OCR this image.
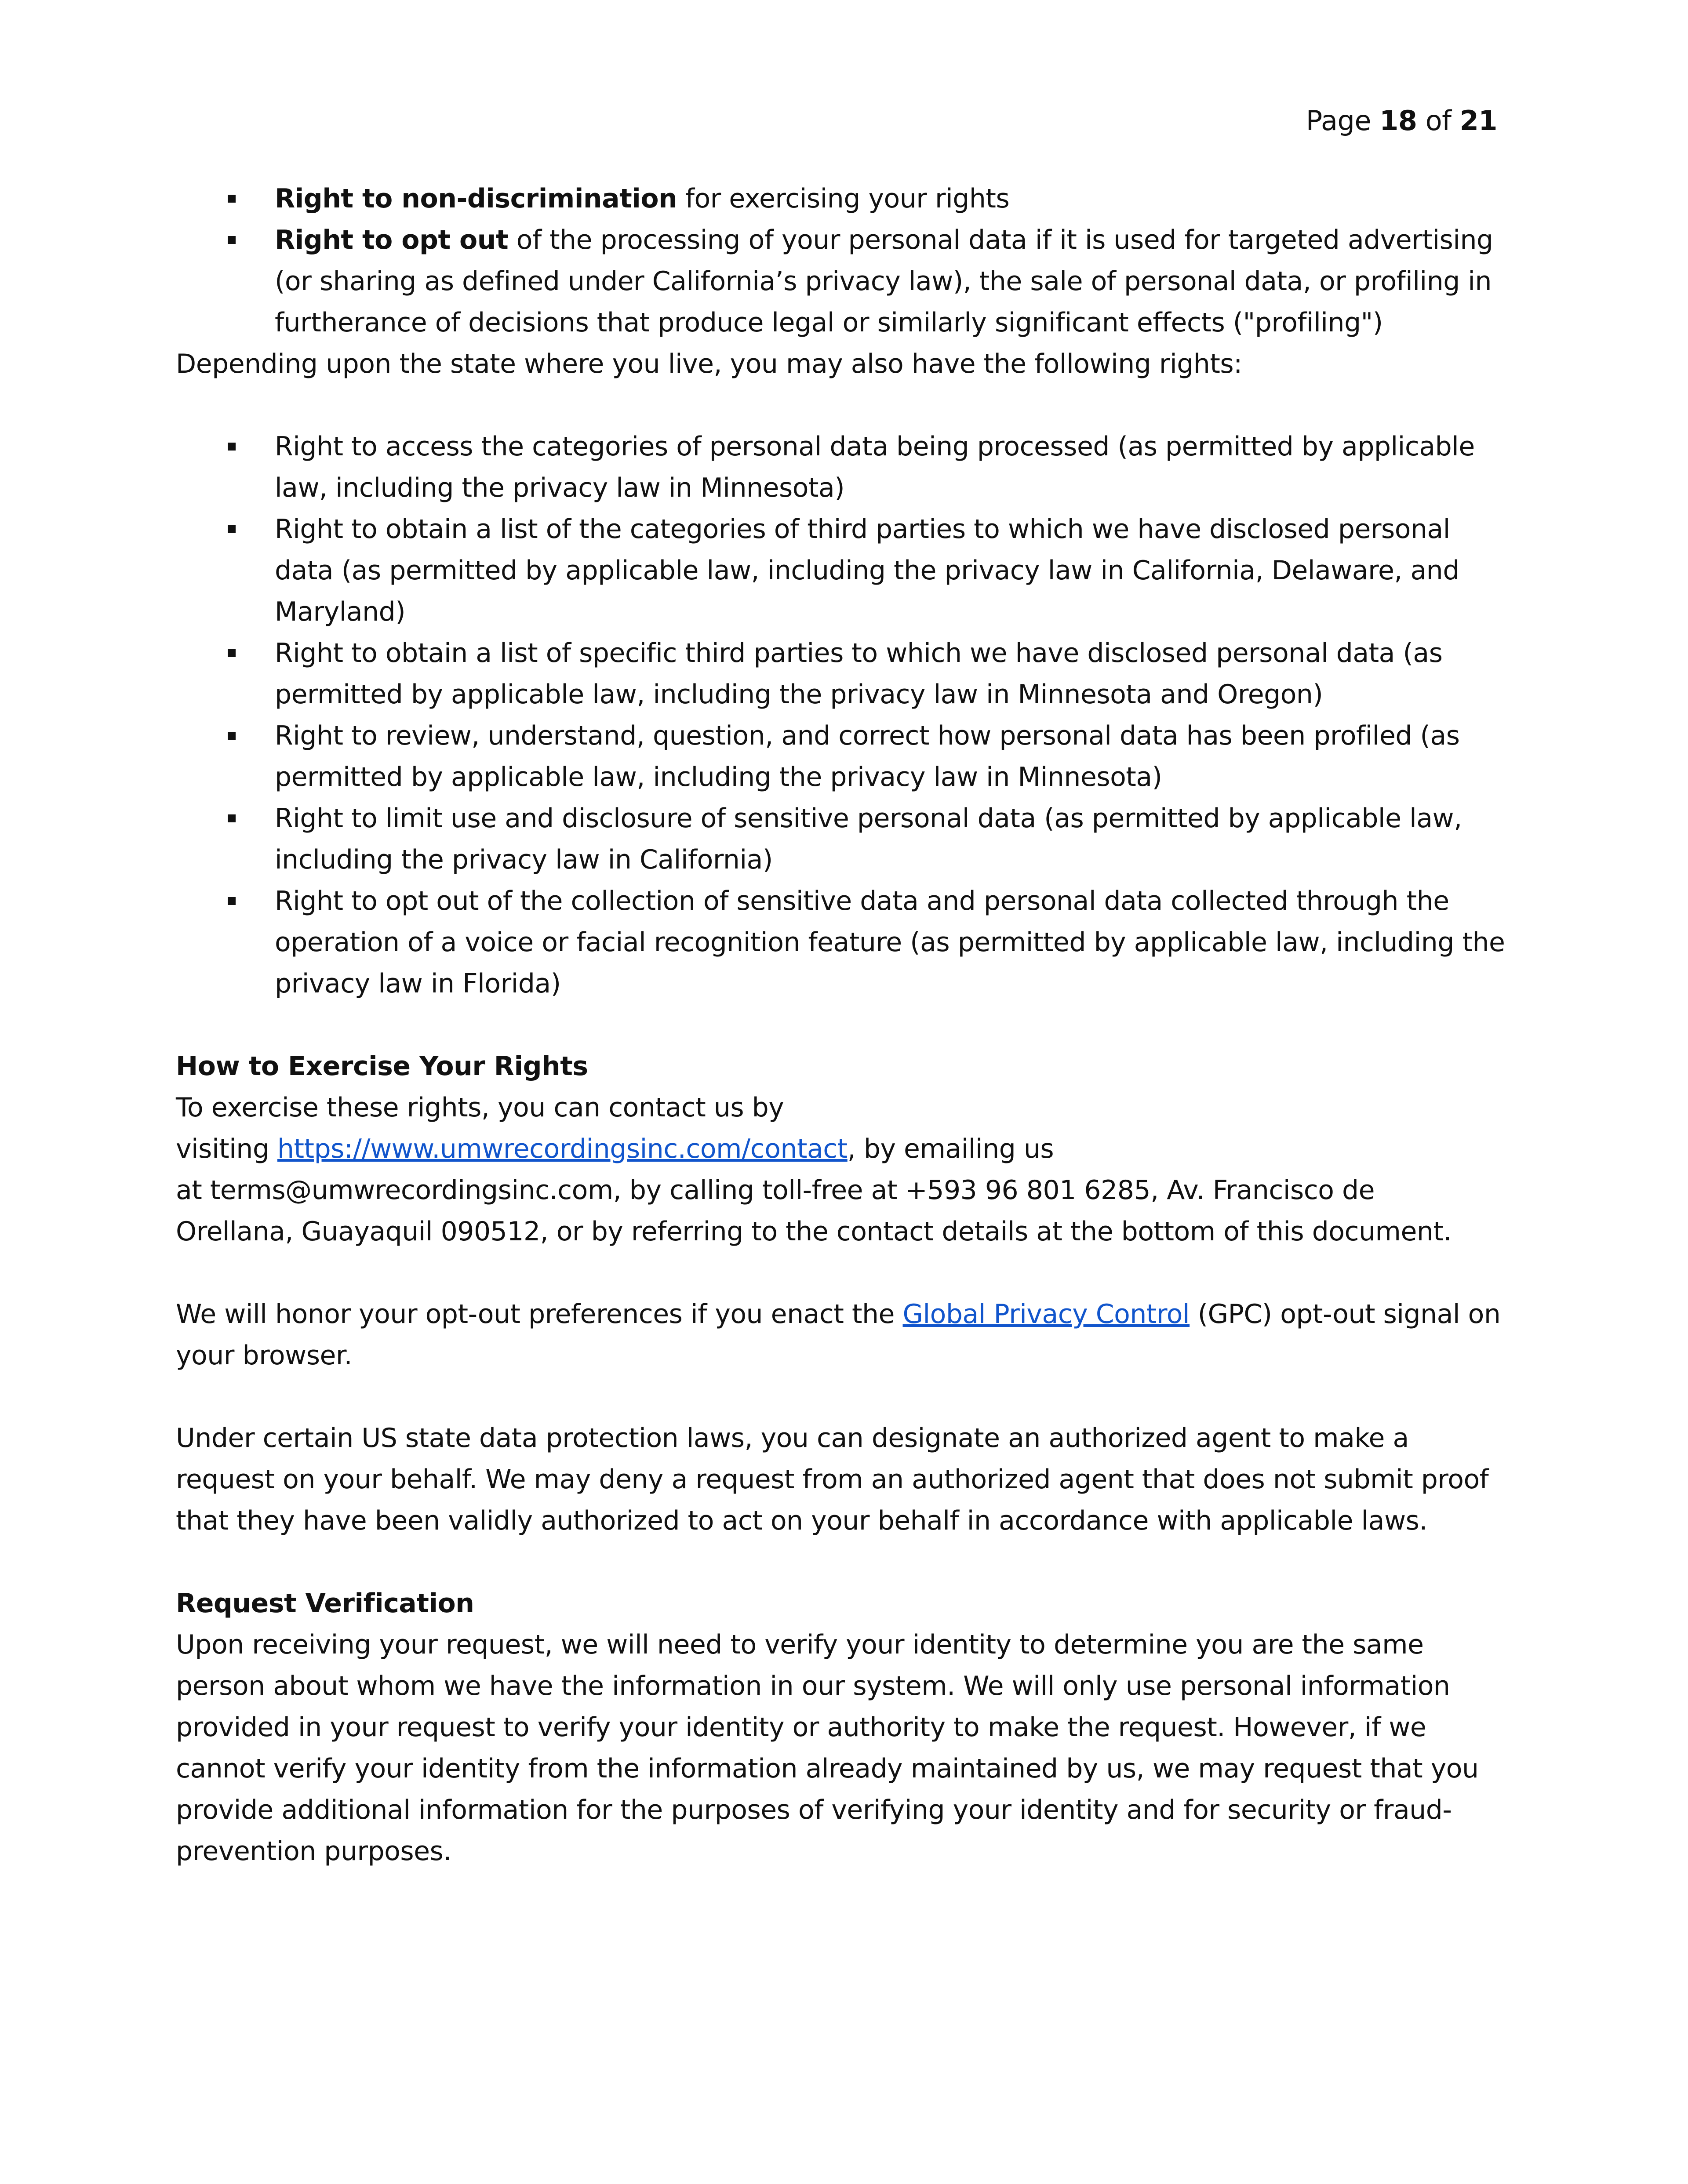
Page 18 of 21
Right to non-discrimination for exercising your rights
Right to opt out of the processing of your personal data if it is used for targeted advertising (or sharing as defined under California’s privacy law), the sale of personal data, or profiling in furtherance of decisions that produce legal or similarly significant effects ("profiling")

Depending upon the state where you live, you may also have the following rights:

Right to access the categories of personal data being processed (as permitted by applicable law, including the privacy law in Minnesota)
Right to obtain a list of the categories of third parties to which we have disclosed personal data (as permitted by applicable law, including the privacy law in California, Delaware, and Maryland)
Right to obtain a list of specific third parties to which we have disclosed personal data (as permitted by applicable law, including the privacy law in Minnesota and Oregon)
Right to review, understand, question, and correct how personal data has been profiled (as permitted by applicable law, including the privacy law in Minnesota)
Right to limit use and disclosure of sensitive personal data (as permitted by applicable law, including the privacy law in California)
Right to opt out of the collection of sensitive data and personal data collected through the operation of a voice or facial recognition feature (as permitted by applicable law, including the privacy law in Florida)

How to Exercise Your Rights

To exercise these rights, you can contact us by

visiting https://www.umwrecordingsinc.com/contact, by emailing us

at terms@umwrecordingsinc.com, by calling toll-free at +593 96 801 6285, Av. Francisco de

Orellana, Guayaquil 090512, or by referring to the contact details at the bottom of this document.

We will honor your opt-out preferences if you enact the Global Privacy Control (GPC) opt-out signal on your browser.

Under certain US state data protection laws, you can designate an authorized agent to make a request on your behalf. We may deny a request from an authorized agent that does not submit proof that they have been validly authorized to act on your behalf in accordance with applicable laws.

Request Verification

Upon receiving your request, we will need to verify your identity to determine you are the same person about whom we have the information in our system. We will only use personal information provided in your request to verify your identity or authority to make the request. However, if we cannot verify your identity from the information already maintained by us, we may request that you provide additional information for the purposes of verifying your identity and for security or fraud-prevention purposes.
